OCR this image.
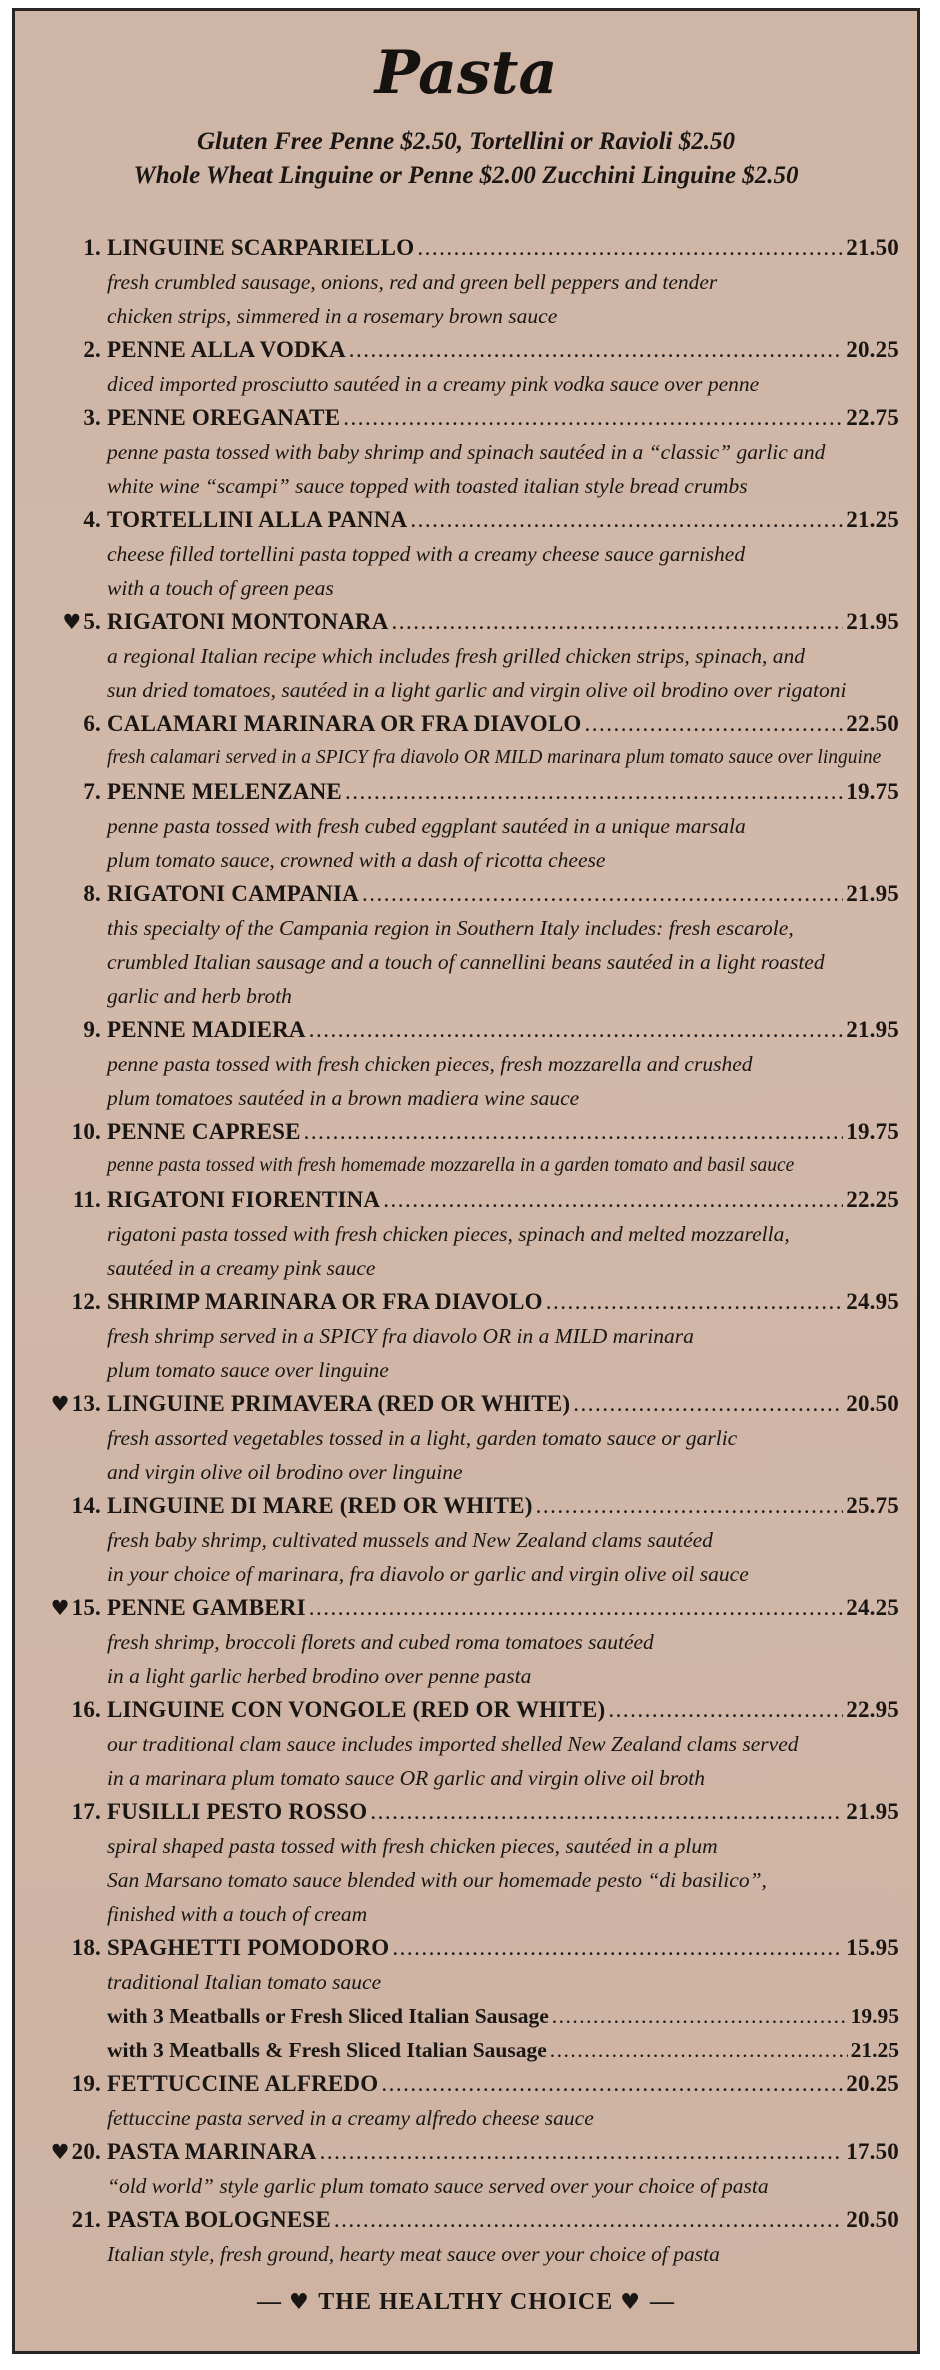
Pasta
Gluten Free Penne $2.50, Tortellini or Ravioli $2.50
Whole Wheat Linguine or Penne $2.00 Zucchini Linguine $2.50
1. LINGUINE SCARPARIELLO .....	21.50
fresh crumbled sausage, onions, red and green bell peppers and tender
chicken strips, simmered in a rosemary brown sauce
2. PENNE ALLA VODKA .....	20.25
diced imported prosciutto sautéed in a creamy pink vodka sauce over penne
3. PENNE OREGANATE .....	22.75
penne pasta tossed with baby shrimp and spinach sautéed in a “classic” garlic and
white wine “scampi” sauce topped with toasted italian style bread crumbs
4. TORTELLINI ALLA PANNA .....	21.25
cheese filled tortellini pasta topped with a creamy cheese sauce garnished
with a touch of green peas
♥5. RIGATONI MONTONARA .....	21.95
a regional Italian recipe which includes fresh grilled chicken strips, spinach, and
sun dried tomatoes, sautéed in a light garlic and virgin olive oil brodino over rigatoni
6. CALAMARI MARINARA OR FRA DIAVOLO .....	22.50
fresh calamari served in a SPICY fra diavolo OR MILD marinara plum tomato sauce over linguine
7. PENNE MELENZANE .....	19.75
penne pasta tossed with fresh cubed eggplant sautéed in a unique marsala
plum tomato sauce, crowned with a dash of ricotta cheese
8. RIGATONI CAMPANIA .....	21.95
this specialty of the Campania region in Southern Italy includes: fresh escarole,
crumbled Italian sausage and a touch of cannellini beans sautéed in a light roasted
garlic and herb broth
9. PENNE MADIERA .....	21.95
penne pasta tossed with fresh chicken pieces, fresh mozzarella and crushed
plum tomatoes sautéed in a brown madiera wine sauce
10. PENNE CAPRESE .....	19.75
penne pasta tossed with fresh homemade mozzarella in a garden tomato and basil sauce
11. RIGATONI FIORENTINA .....	22.25
rigatoni pasta tossed with fresh chicken pieces, spinach and melted mozzarella,
sautéed in a creamy pink sauce
12. SHRIMP MARINARA OR FRA DIAVOLO .....	24.95
fresh shrimp served in a SPICY fra diavolo OR in a MILD marinara
plum tomato sauce over linguine
♥13. LINGUINE PRIMAVERA (RED OR WHITE) .....	20.50
fresh assorted vegetables tossed in a light, garden tomato sauce or garlic
and virgin olive oil brodino over linguine
14. LINGUINE DI MARE (RED OR WHITE) .....	25.75
fresh baby shrimp, cultivated mussels and New Zealand clams sautéed
in your choice of marinara, fra diavolo or garlic and virgin olive oil sauce
♥15. PENNE GAMBERI .....	24.25
fresh shrimp, broccoli florets and cubed roma tomatoes sautéed
in a light garlic herbed brodino over penne pasta
16. LINGUINE CON VONGOLE (RED OR WHITE) .....	22.95
our traditional clam sauce includes imported shelled New Zealand clams served
in a marinara plum tomato sauce OR garlic and virgin olive oil broth
17. FUSILLI PESTO ROSSO .....	21.95
spiral shaped pasta tossed with fresh chicken pieces, sautéed in a plum
San Marsano tomato sauce blended with our homemade pesto “di basilico”,
finished with a touch of cream
18. SPAGHETTI POMODORO .....	15.95
traditional Italian tomato sauce
with 3 Meatballs or Fresh Sliced Italian Sausage .....	19.95
with 3 Meatballs & Fresh Sliced Italian Sausage .....	21.25
19. FETTUCCINE ALFREDO .....	20.25
fettuccine pasta served in a creamy alfredo cheese sauce
♥20. PASTA MARINARA .....	17.50
“old world” style garlic plum tomato sauce served over your choice of pasta
21. PASTA BOLOGNESE .....	20.50
Italian style, fresh ground, hearty meat sauce over your choice of pasta
— ♥ THE HEALTHY CHOICE ♥ —
